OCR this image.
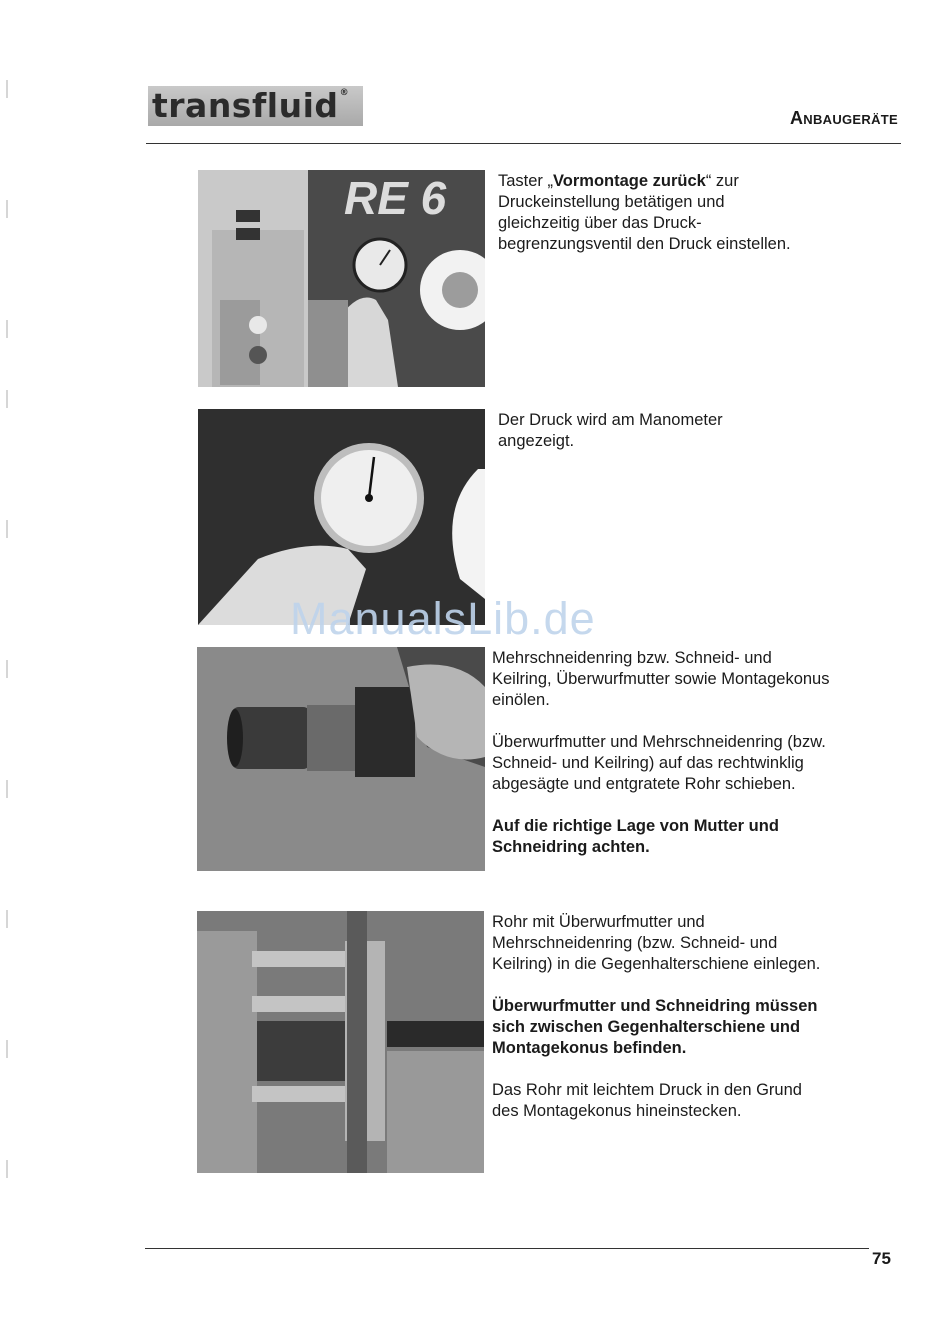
transfluid®
Anbaugeräte
RE 6	Taster „Vormontage zurück“ zur Druckeinstellung betätigen und gleichzeitig über das Druck-begrenzungsventil den Druck einstellen.

Der Druck wird am Manometer angezeigt.

ManualsLib.de

Mehrschneidenring bzw. Schneid- und Keilring, Überwurfmutter sowie Montagekonus einölen.

Überwurfmutter und Mehrschneidenring (bzw. Schneid- und Keilring) auf das rechtwinklig abgesägte und entgratete Rohr schieben.

Auf die richtige Lage von Mutter und Schneidring achten.

Rohr mit Überwurfmutter und Mehrschneidenring (bzw. Schneid- und Keilring) in die Gegenhalterschiene einlegen.

Überwurfmutter und Schneidring müssen sich zwischen Gegenhalterschiene und Montagekonus befinden.

Das Rohr mit leichtem Druck in den Grund des Montagekonus hineinstecken.

75
